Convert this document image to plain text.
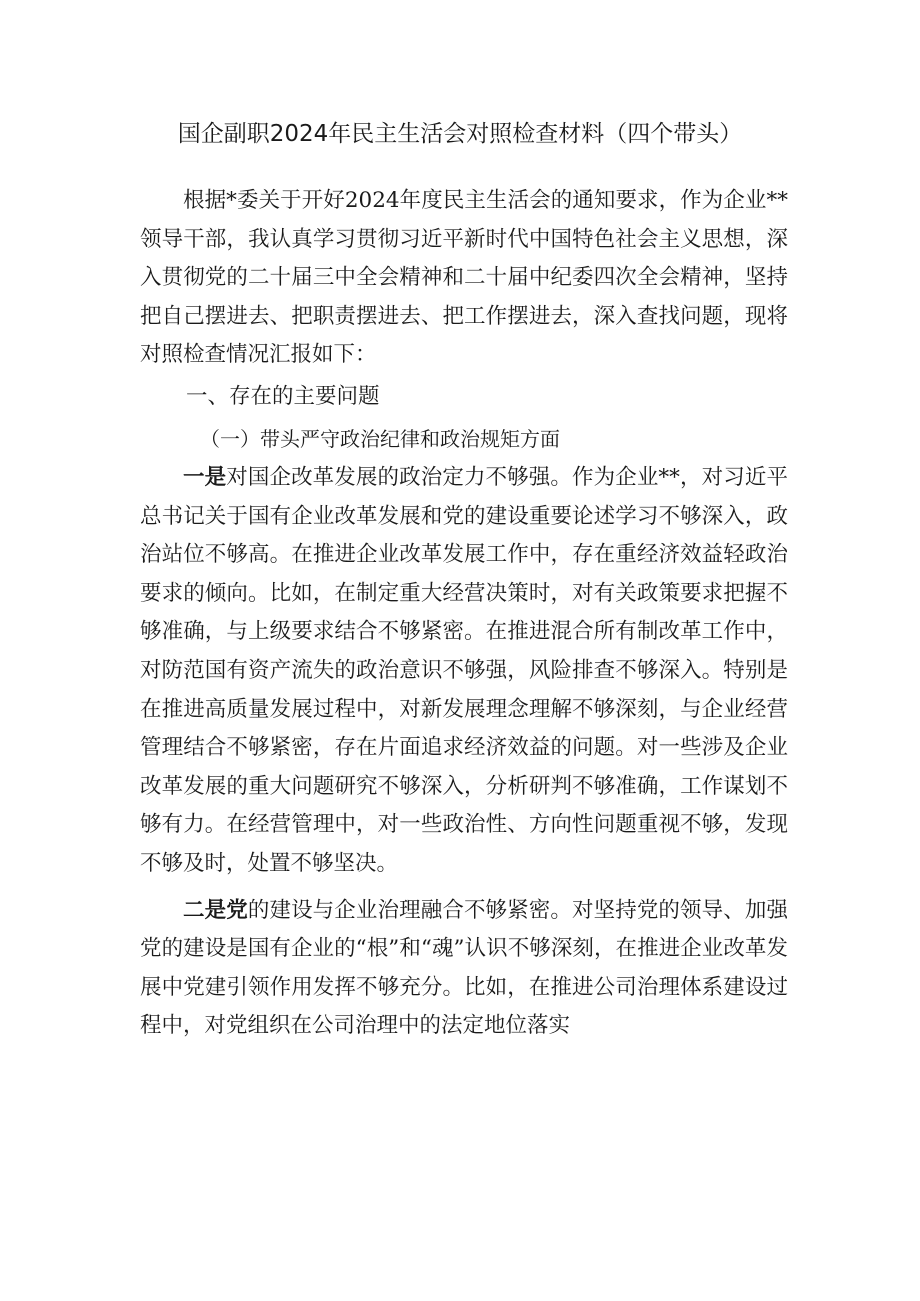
国企副职2024年民主生活会对照检查材料（四个带头）

根据*委关于开好2024年度民主生活会的通知要求，作为企业**领导干部，我认真学习贯彻习近平新时代中国特色社会主义思想，深入贯彻党的二十届三中全会精神和二十届中纪委四次全会精神，坚持把自己摆进去、把职责摆进去、把工作摆进去，深入查找问题，现将对照检查情况汇报如下：

一、存在的主要问题

（一）带头严守政治纪律和政治规矩方面

一是对国企改革发展的政治定力不够强。作为企业**，对习近平总书记关于国有企业改革发展和党的建设重要论述学习不够深入，政治站位不够高。在推进企业改革发展工作中，存在重经济效益轻政治要求的倾向。比如，在制定重大经营决策时，对有关政策要求把握不够准确，与上级要求结合不够紧密。在推进混合所有制改革工作中，对防范国有资产流失的政治意识不够强，风险排查不够深入。特别是在推进高质量发展过程中，对新发展理念理解不够深刻，与企业经营管理结合不够紧密，存在片面追求经济效益的问题。对一些涉及企业改革发展的重大问题研究不够深入，分析研判不够准确，工作谋划不够有力。在经营管理中，对一些政治性、方向性问题重视不够，发现不够及时，处置不够坚决。

二是党的建设与企业治理融合不够紧密。对坚持党的领导、加强党的建设是国有企业的“根”和“魂”认识不够深刻，在推进企业改革发展中党建引领作用发挥不够充分。比如，在推进公司治理体系建设过程中，对党组织在公司治理中的法定地位落实
